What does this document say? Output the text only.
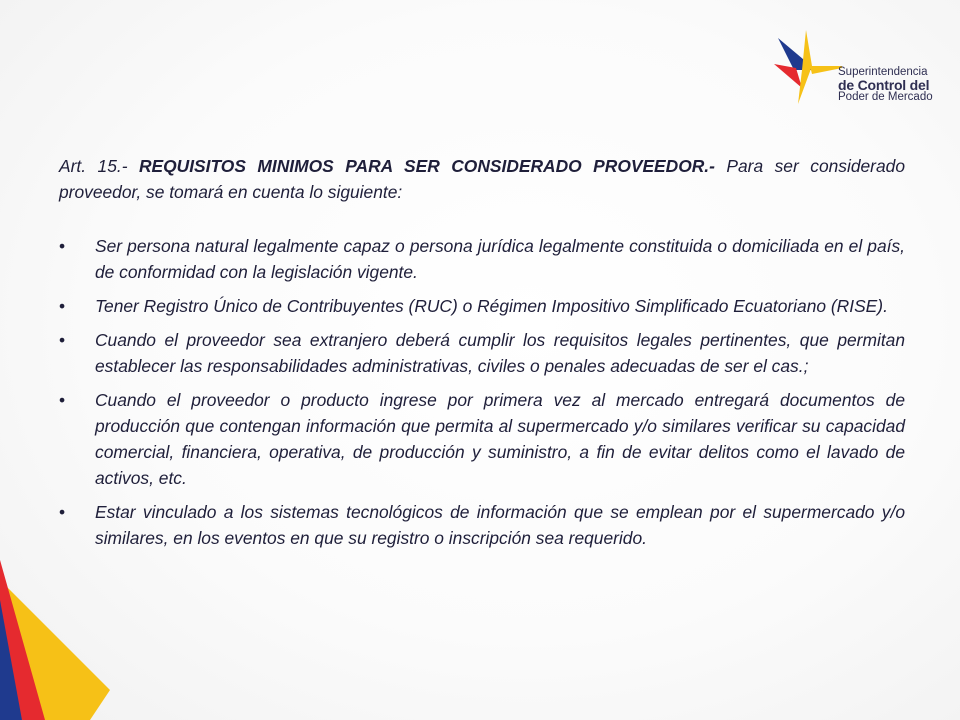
Superintendencia
de Control del
Poder de Mercado

Art. 15.- REQUISITOS MINIMOS PARA SER CONSIDERADO PROVEEDOR.- Para ser considerado proveedor, se tomará en cuenta lo siguiente:

• Ser persona natural legalmente capaz o persona jurídica legalmente constituida o domiciliada en el país, de conformidad con la legislación vigente.
• Tener Registro Único de Contribuyentes (RUC) o Régimen Impositivo Simplificado Ecuatoriano (RISE).
• Cuando el proveedor sea extranjero deberá cumplir los requisitos legales pertinentes, que permitan establecer las responsabilidades administrativas, civiles o penales adecuadas de ser el cas.;
• Cuando el proveedor o producto ingrese por primera vez al mercado entregará documentos de producción que contengan información que permita al supermercado y/o similares verificar su capacidad comercial, financiera, operativa, de producción y suministro, a fin de evitar delitos como el lavado de activos, etc.
• Estar vinculado a los sistemas tecnológicos de información que se emplean por el supermercado y/o similares, en los eventos en que su registro o inscripción sea requerido.
